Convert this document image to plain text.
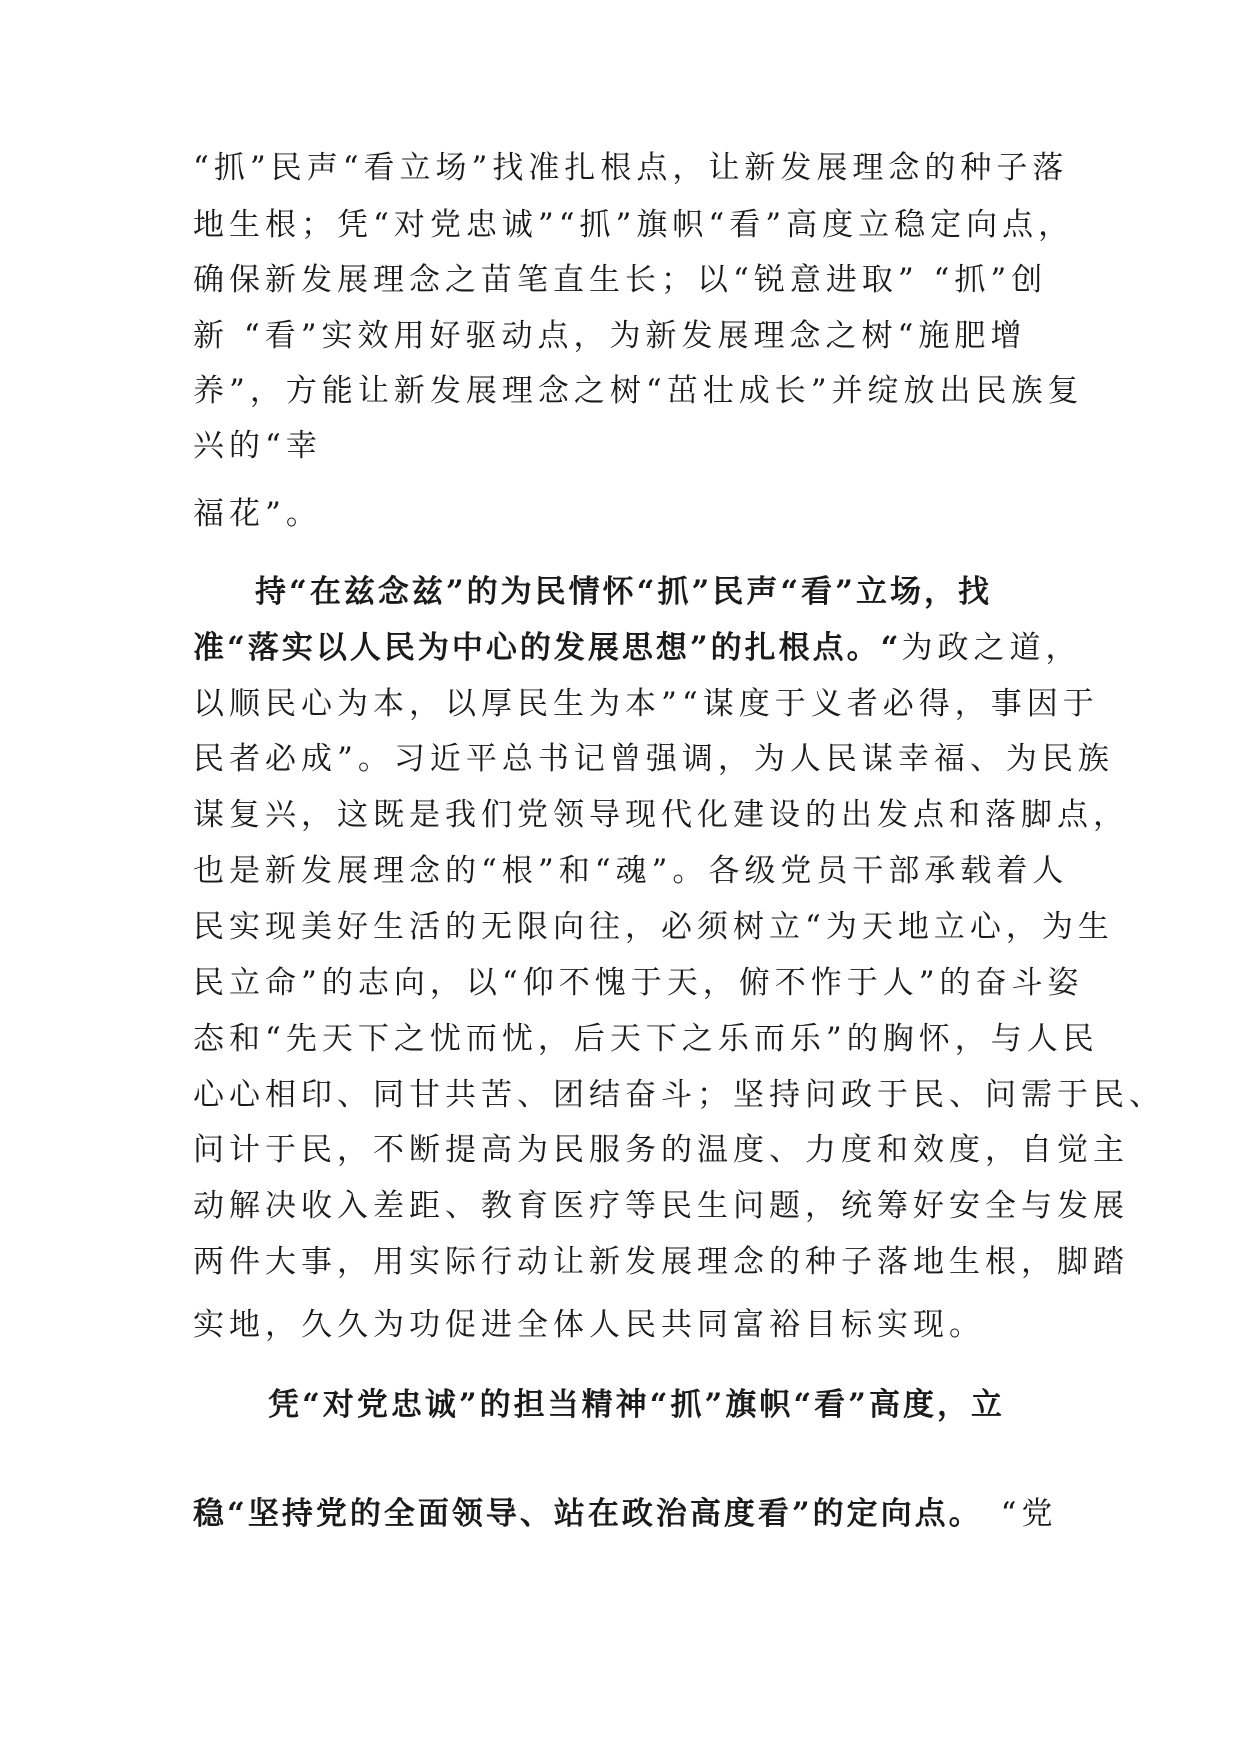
“抓”民声“看立场”找准扎根点，让新发展理念的种子落
地生根；凭“对党忠诚”“抓”旗帜“看”高度立稳定向点，
确保新发展理念之苗笔直生长；以“锐意进取” “抓”创
新 “看”实效用好驱动点，为新发展理念之树“施肥增
养”，方能让新发展理念之树“茁壮成长”并绽放出民族复
兴的“幸
福花”。
持“在兹念兹”的为民情怀“抓”民声“看”立场，找
准“落实以人民为中心的发展思想”的扎根点。“为政之道，
以顺民心为本，以厚民生为本”“谋度于义者必得，事因于
民者必成”。习近平总书记曾强调，为人民谋幸福、为民族
谋复兴，这既是我们党领导现代化建设的出发点和落脚点，
也是新发展理念的“根”和“魂”。各级党员干部承载着人
民实现美好生活的无限向往，必须树立“为天地立心，为生
民立命”的志向，以“仰不愧于天，俯不怍于人”的奋斗姿
态和“先天下之忧而忧，后天下之乐而乐”的胸怀，与人民
心心相印、同甘共苦、团结奋斗；坚持问政于民、问需于民、
问计于民，不断提高为民服务的温度、力度和效度，自觉主
动解决收入差距、教育医疗等民生问题，统筹好安全与发展
两件大事，用实际行动让新发展理念的种子落地生根，脚踏
实地，久久为功促进全体人民共同富裕目标实现。
凭“对党忠诚”的担当精神“抓”旗帜“看”高度，立
稳“坚持党的全面领导、站在政治高度看”的定向点。 “党
